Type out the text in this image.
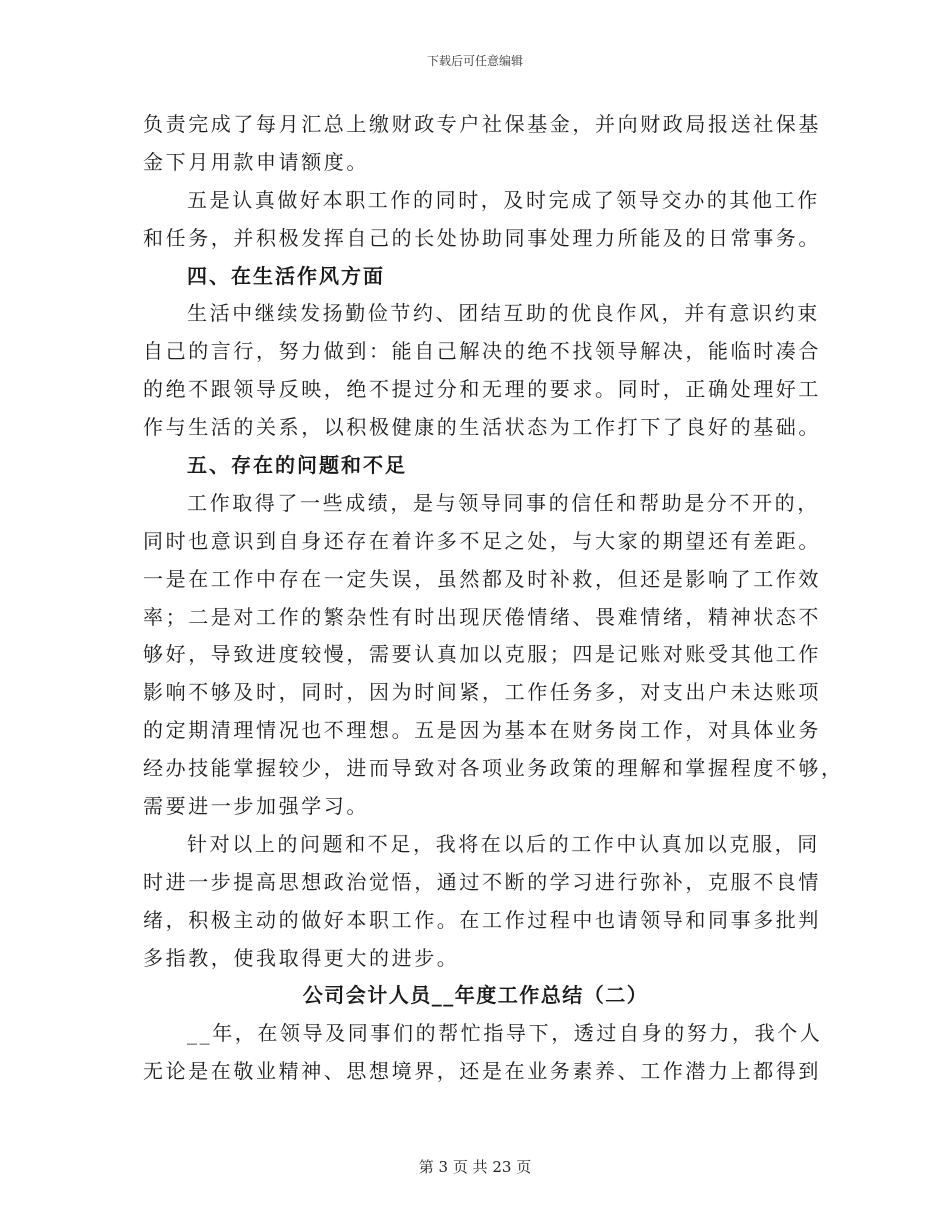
下载后可任意编辑
负责完成了每月汇总上缴财政专户社保基金，并向财政局报送社保基
金下月用款申请额度。
五是认真做好本职工作的同时，及时完成了领导交办的其他工作
和任务，并积极发挥自己的长处协助同事处理力所能及的日常事务。
四、在生活作风方面
生活中继续发扬勤俭节约、团结互助的优良作风，并有意识约束
自己的言行，努力做到：能自己解决的绝不找领导解决，能临时凑合
的绝不跟领导反映，绝不提过分和无理的要求。同时，正确处理好工
作与生活的关系，以积极健康的生活状态为工作打下了良好的基础。
五、存在的问题和不足
工作取得了一些成绩，是与领导同事的信任和帮助是分不开的，
同时也意识到自身还存在着许多不足之处，与大家的期望还有差距。
一是在工作中存在一定失误，虽然都及时补救，但还是影响了工作效
率；二是对工作的繁杂性有时出现厌倦情绪、畏难情绪，精神状态不
够好，导致进度较慢，需要认真加以克服；四是记账对账受其他工作
影响不够及时，同时，因为时间紧，工作任务多，对支出户未达账项
的定期清理情况也不理想。五是因为基本在财务岗工作，对具体业务
经办技能掌握较少，进而导致对各项业务政策的理解和掌握程度不够，
需要进一步加强学习。
针对以上的问题和不足，我将在以后的工作中认真加以克服，同
时进一步提高思想政治觉悟，通过不断的学习进行弥补，克服不良情
绪，积极主动的做好本职工作。在工作过程中也请领导和同事多批判
多指教，使我取得更大的进步。
公司会计人员__年度工作总结（二）
__年，在领导及同事们的帮忙指导下，透过自身的努力，我个人
无论是在敬业精神、思想境界，还是在业务素养、工作潜力上都得到
第 3 页 共 23 页
